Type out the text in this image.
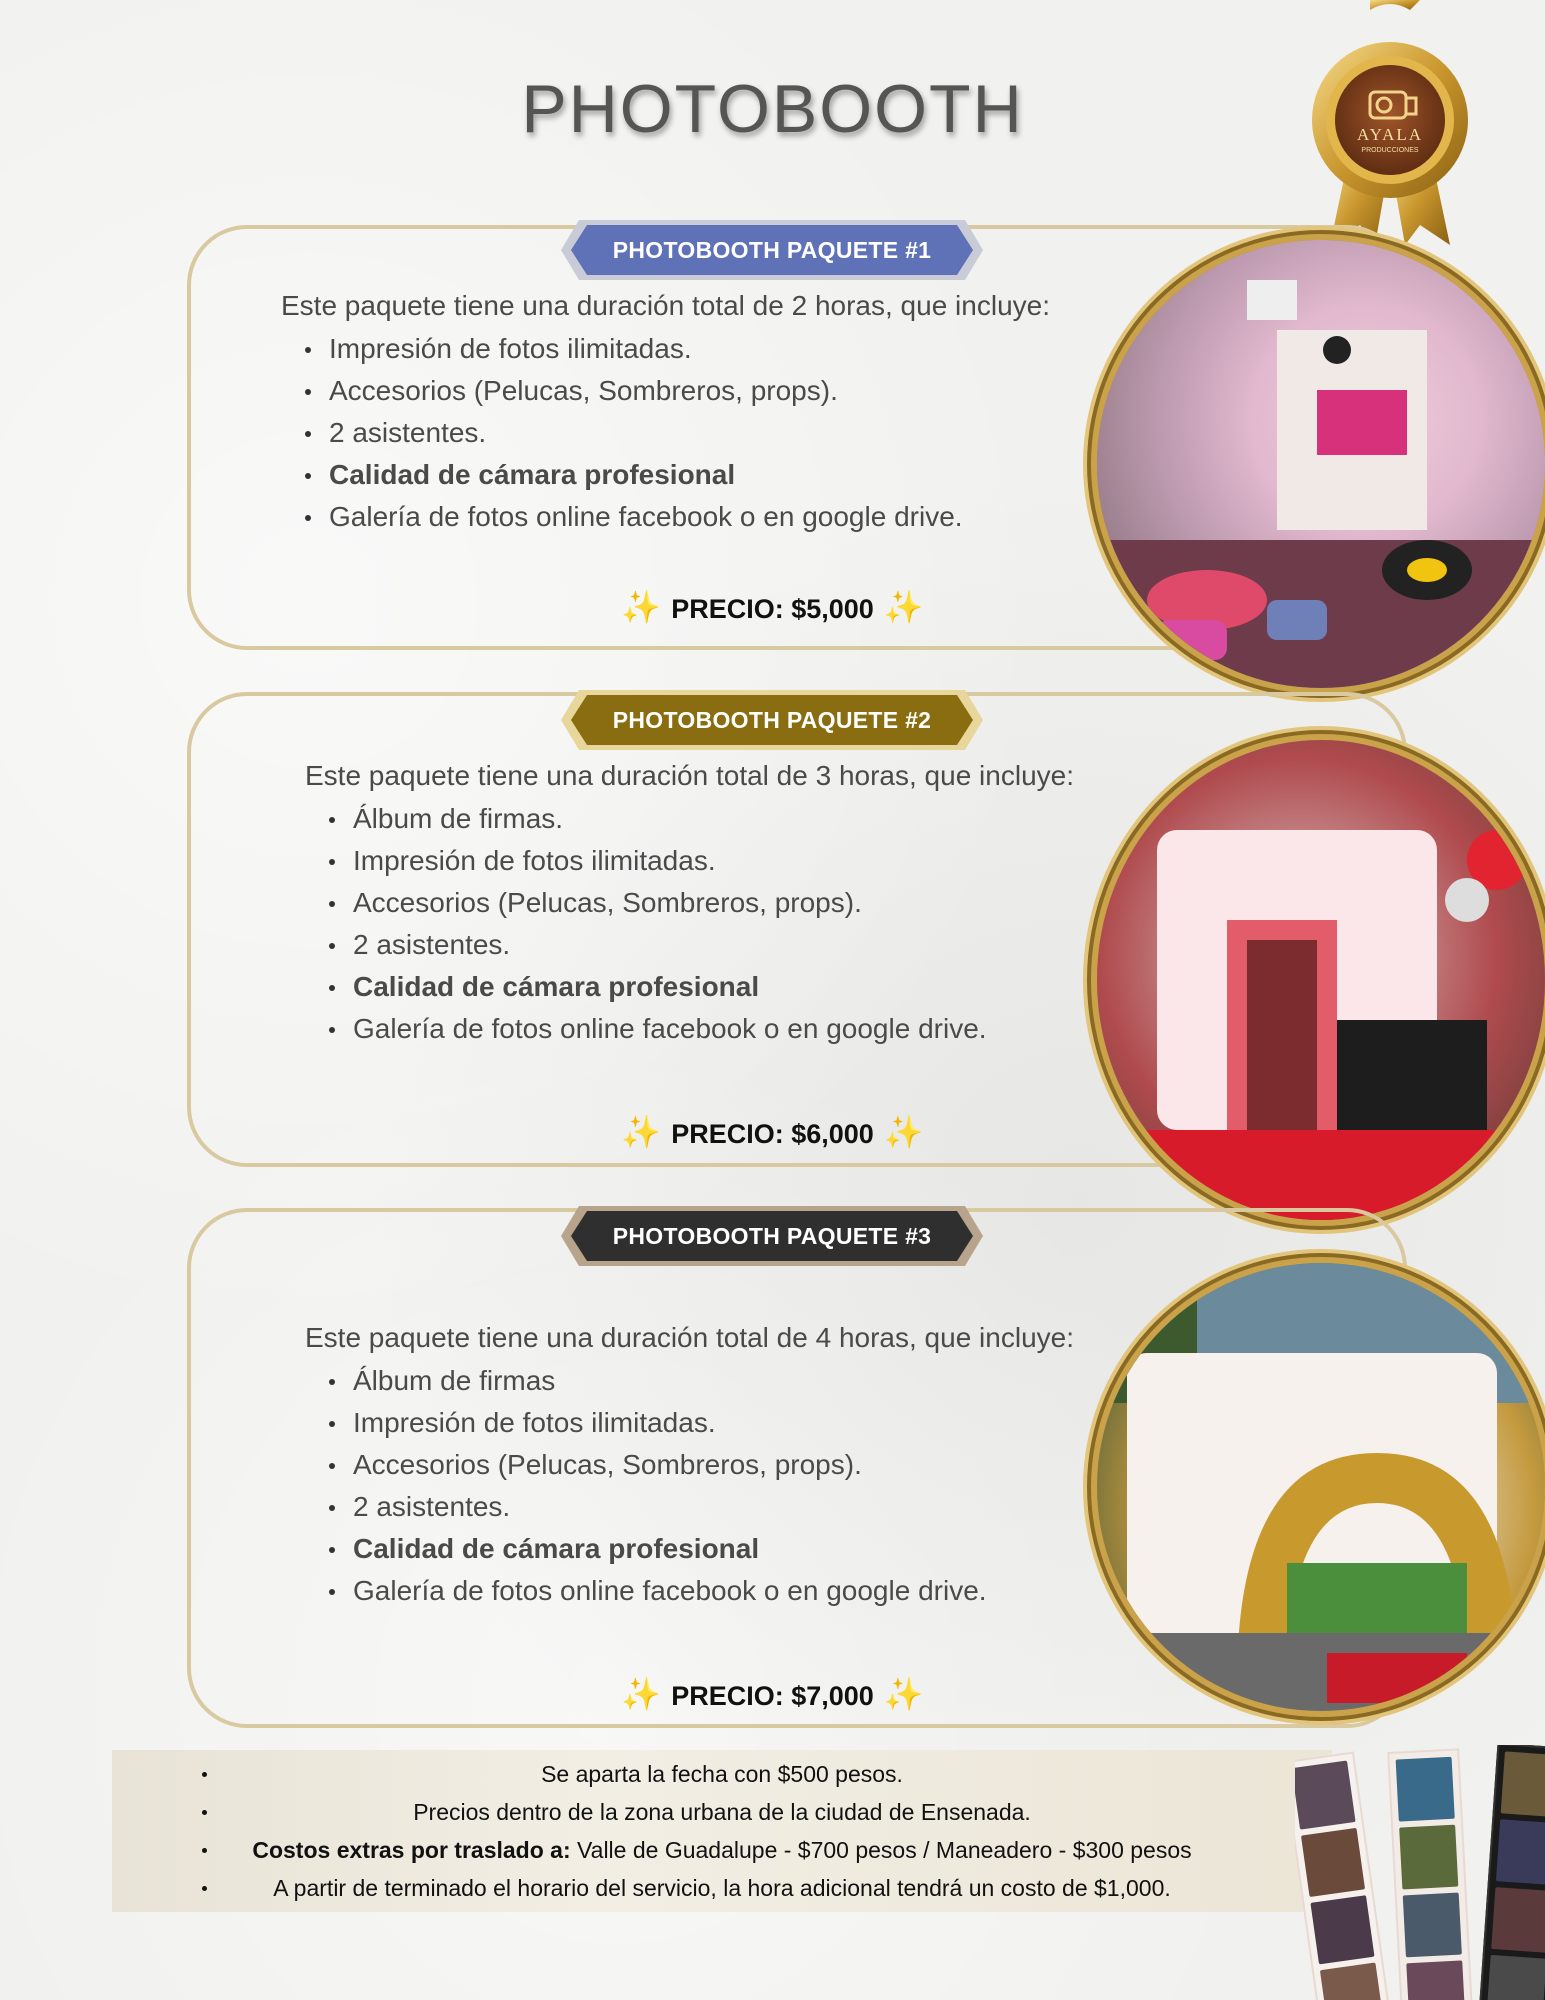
PHOTOBOOTH	AYALA
PRODUCCIONES
PHOTOBOOTH PAQUETE #1
Este paquete tiene una duración total de 2 horas, que incluye:
Impresión de fotos ilimitadas.
Accesorios (Pelucas, Sombreros, props).
2 asistentes.
Calidad de cámara profesional
Galería de fotos online facebook o en google drive.
✨ PRECIO: $5,000 ✨
PHOTOBOOTH PAQUETE #2
Este paquete tiene una duración total de 3 horas, que incluye:
Álbum de firmas.
Impresión de fotos ilimitadas.
Accesorios (Pelucas, Sombreros, props).
2 asistentes.
Calidad de cámara profesional
Galería de fotos online facebook o en google drive.
✨ PRECIO: $6,000 ✨
PHOTOBOOTH PAQUETE #3
Este paquete tiene una duración total de 4 horas, que incluye:
Álbum de firmas
Impresión de fotos ilimitadas.
Accesorios (Pelucas, Sombreros, props).
2 asistentes.
Calidad de cámara profesional
Galería de fotos online facebook o en google drive.
✨ PRECIO: $7,000 ✨
Se aparta la fecha con $500 pesos.
Precios dentro de la zona urbana de la ciudad de Ensenada.
Costos extras por traslado a: Valle de Guadalupe - $700 pesos / Maneadero - $300 pesos
A partir de terminado el horario del servicio, la hora adicional tendrá un costo de $1,000.
